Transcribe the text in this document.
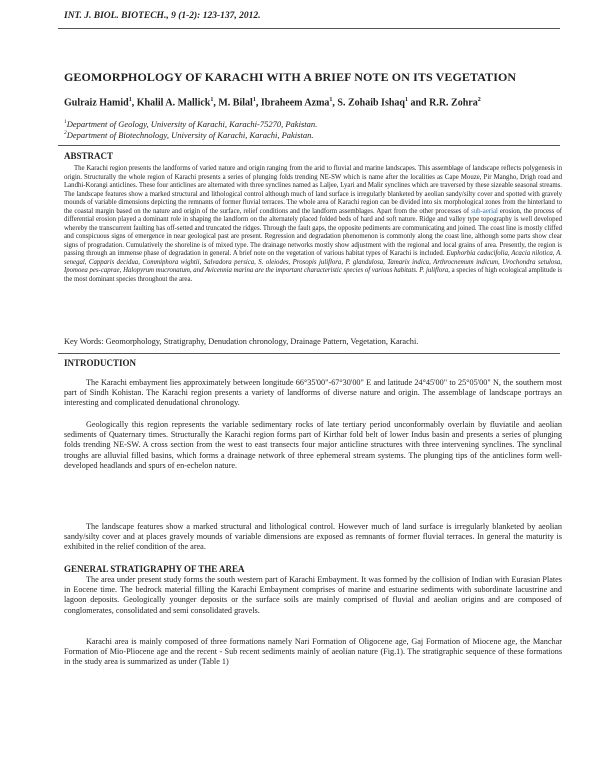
INT. J. BIOL. BIOTECH., 9 (1-2): 123-137, 2012.
GEOMORPHOLOGY OF KARACHI WITH A BRIEF NOTE ON ITS VEGETATION
Gulraiz Hamid$^1$, Khalil A. Mallick$^1$, M. Bilal$^1$, Ibraheem Azma$^1$, S. Zohaib Ishaq$^1$ and R.R. Zohra$^2$
$^1$Department of Geology, University of Karachi, Karachi-75270, Pakistan.
$^2$Department of Biotechnology, University of Karachi, Karachi, Pakistan.
ABSTRACT
The Karachi region presents the landforms of varied nature and origin ranging from the arid to fluvial and marine landscapes. This assemblage of landscape reflects polygenesis in origin. Structurally the whole region of Karachi presents a series of plunging folds trending NE-SW which is name after the localities as Cape Mouze, Pir Mangho, Drigh road and Landhi-Korangi anticlines. These four anticlines are alternated with three synclines named as Laljee, Lyari and Malir synclines which are traversed by these sizeable seasonal streams. The landscape features show a marked structural and lithological control although much of land surface is irregularly blanketed by aeolian sandy/silty cover and spotted with gravely mounds of variable dimensions depicting the remnants of former fluvial terraces. The whole area of Karachi region can be divided into six morphological zones from the hinterland to the coastal margin based on the nature and origin of the surface, relief conditions and the landform assemblages. Apart from the other processes of sub-aerial erosion, the process of differential erosion played a dominant role in shaping the landform on the alternately placed folded beds of hard and soft nature. Ridge and valley type topography is well developed whereby the transcurrent faulting has off-setted and truncated the ridges. Through the fault gaps, the opposite pediments are communicating and joined. The coast line is mostly cliffed and conspicuous signs of emergence in near geological past are present. Regression and degradation phenomenon is commonly along the coast line, although some parts show clear signs of progradation. Cumulatively the shoreline is of mixed type. The drainage networks mostly show adjustment with the regional and local grains of area. Presently, the region is passing through an immense phase of degradation in general. A brief note on the vegetation of various habitat types of Karachi is included. Euphorbia caducifolia, Acacia nilotica, A. senegal, Capparis decidua, Commiphora wightii, Salvadora persica, S. oleiodes, Prosopis juliflora, P. glandulosa, Tamarix indica, Arthrocnemum indicum, Urochondra setulosa, Ipomoea pes-caprae, Halopyrum mucronatum, and Avicennia marina are the important characteristic species of various habitats. P. juliflora, a species of high ecological amplitude is the most dominant species throughout the area.
Key Words: Geomorphology, Stratigraphy, Denudation chronology, Drainage Pattern, Vegetation, Karachi.
INTRODUCTION

The Karachi embayment lies approximately between longitude 66°35'00"-67°30'00" E and latitude 24°45'00" to 25°05'00" N, the southern most part of Sindh Kohistan. The Karachi region presents a variety of landforms of diverse nature and origin. The assemblage of landscape portrays an interesting and complicated denudational chronology.

Geologically this region represents the variable sedimentary rocks of late tertiary period unconformably overlain by fluviatile and aeolian sediments of Quaternary times. Structurally the Karachi region forms part of Kirthar fold belt of lower Indus basin and presents a series of plunging folds trending NE-SW. A cross section from the west to east transects four major anticline structures with three intervening synclines. The synclinal troughs are alluvial filled basins, which forms a drainage network of three ephemeral stream systems. The plunging tips of the anticlines form well-developed headlands and spurs of en-echelon nature.

The landscape features show a marked structural and lithological control. However much of land surface is irregularly blanketed by aeolian sandy/silty cover and at places gravely mounds of variable dimensions are exposed as remnants of former fluvial terraces. In general the maturity is exhibited in the relief condition of the area.

GENERAL STRATIGRAPHY OF THE AREA

The area under present study forms the south western part of Karachi Embayment. It was formed by the collision of Indian with Eurasian Plates in Eocene time. The bedrock material filling the Karachi Embayment comprises of marine and estuarine sediments with subordinate lacustrine and lagoon deposits. Geologically younger deposits or the surface soils are mainly comprised of fluvial and aeolian origins and are composed of conglomerates, consolidated and semi consolidated gravels.

Karachi area is mainly composed of three formations namely Nari Formation of Oligocene age, Gaj Formation of Miocene age, the Manchar Formation of Mio-Pliocene age and the recent - Sub recent sediments mainly of aeolian nature (Fig.1). The stratigraphic sequence of these formations in the study area is summarized as under (Table 1)
